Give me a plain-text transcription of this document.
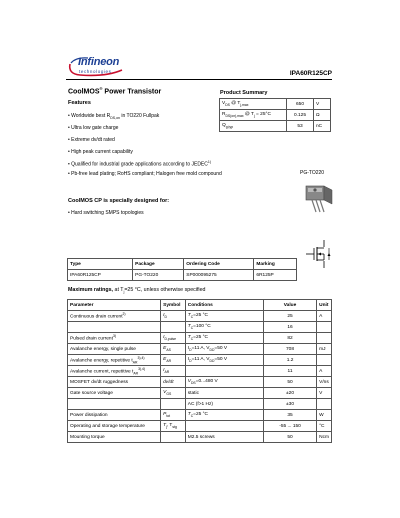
Infineon
technologies	IPA60R125CP
CoolMOS® Power Transistor
Features
• Worldwide best $R_{DS,on}$ in TO220 Fullpak
• Ultra low gate charge
• Extreme dv/dt rated
• High peak current capability
• Qualified for industrial grade applications according to JEDEC$^{1)}$
• Pb-free lead plating; RoHS compliant; Halogen free mold compound
Product Summary
$V_{DS}$ @ $T_{j,max}$	650	V
$R_{DS(on),max}$ @ $T_j = 25^\circ C$	0.125	Ω
$Q_{g,typ}$	53	nC
PG-TO220
CoolMOS CP is specially designed for:
• Hard switching SMPS topologies
Type	Package	Ordering Code	Marking
IPA60R125CP	PG-TO220	SP000095275	6R125P
Maximum ratings, at $T_j=25$ °C, unless otherwise specified
Parameter	Symbol	Conditions	Value	Unit
Continuous drain current$^{2)}$	$I_D$	$T_C=25$ °C	25	A
		$T_C=100$ °C	16	
Pulsed drain current$^{3)}$	$I_{D,pulse}$	$T_C=25$ °C	82	
Avalanche energy, single pulse	$E_{AS}$	$I_D=11$ A, $V_{DD}=50$ V	708	mJ
Avalanche energy, repetitive $t_{AR}^{3),4)}$	$E_{AR}$	$I_D=11$ A, $V_{DD}=50$ V	1.2	
Avalanche current, repetitive $t_{AR}^{3),4)}$	$I_{AR}$		11	A
MOSFET dv/dt ruggedness	dv/dt	$V_{DS}=0...480$ V	50	V/ns
Gate source voltage	$V_{GS}$	static	±20	V
		AC (f>1 Hz)	±30	
Power dissipation	$P_{tot}$	$T_C=25$ °C	35	W
Operating and storage temperature	$T_j$, $T_{stg}$		-55 ... 150	°C
Mounting torque		M2.5 screws	50	Ncm
